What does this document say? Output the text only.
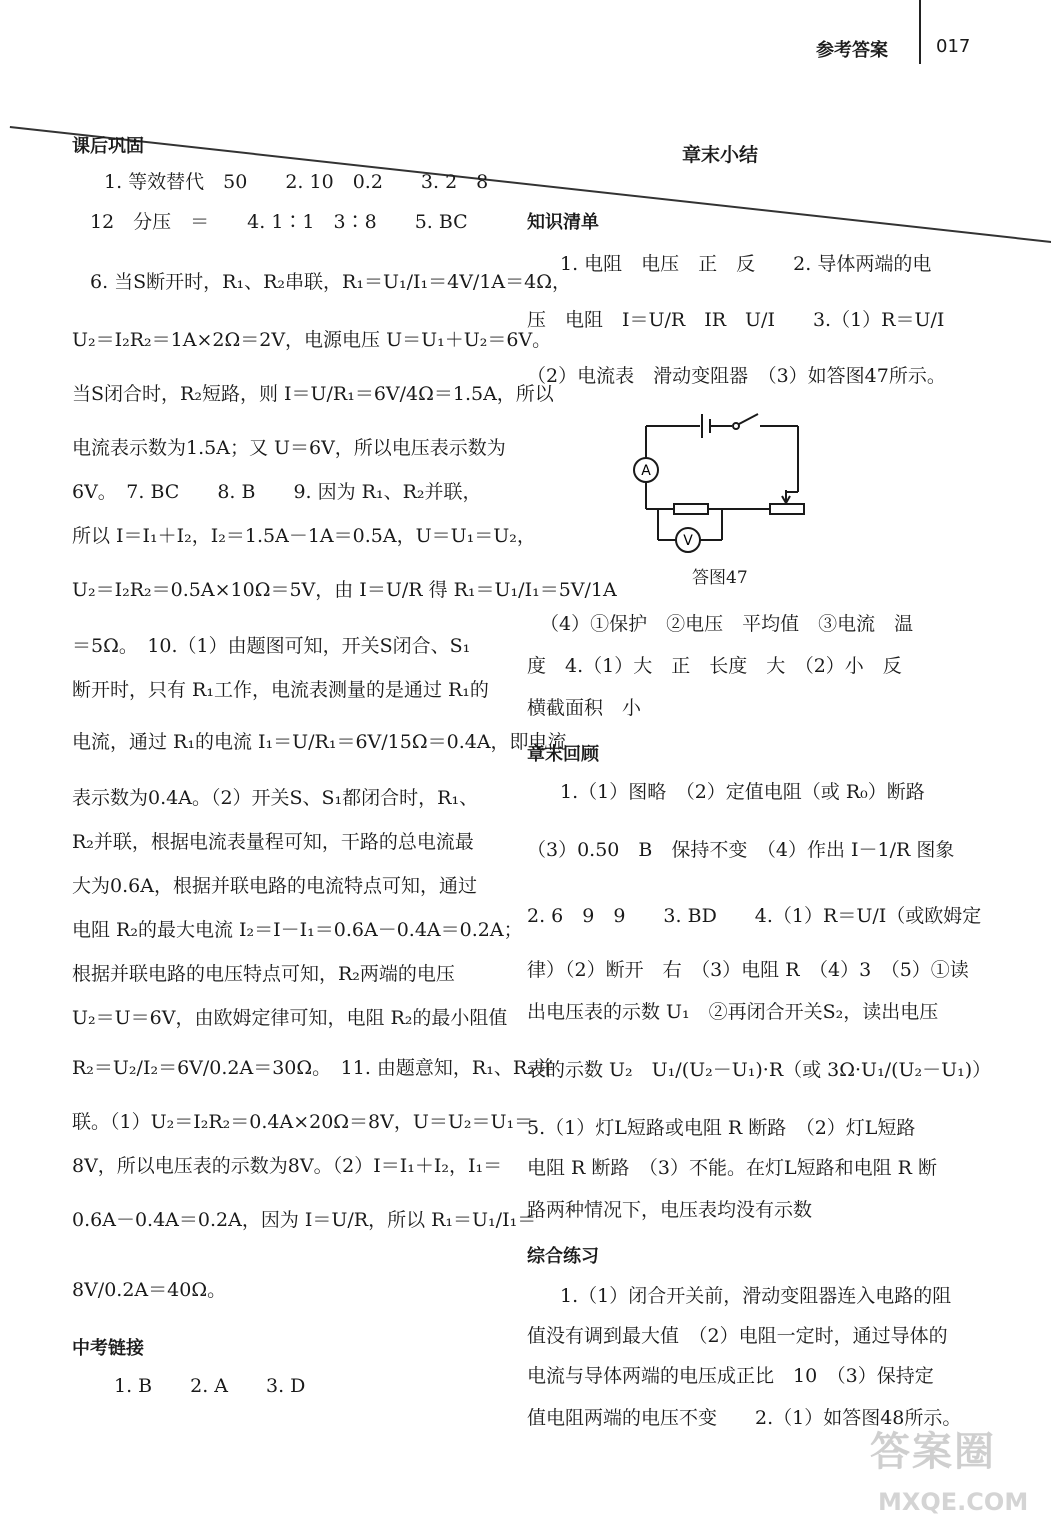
参考答案	017
课后巩固
1. 等效替代　50　　2. 10　0.2　　3. 2　8
12　分压　＝　　4. 1∶1　3∶8　　5. BC
6. 当S断开时，R₁、R₂串联，R₁＝U₁/I₁＝4V/1A＝4Ω，
U₂＝I₂R₂＝1A×2Ω＝2V，电源电压 U＝U₁＋U₂＝6V。
当S闭合时，R₂短路，则 I＝U/R₁＝6V/4Ω＝1.5A，所以
电流表示数为1.5A；又 U＝6V，所以电压表示数为
6V。　7. BC　　8. B　　9. 因为 R₁、R₂并联，
所以 I＝I₁＋I₂，I₂＝1.5A－1A＝0.5A，U＝U₁＝U₂，
U₂＝I₂R₂＝0.5A×10Ω＝5V，由 I＝U/R 得 R₁＝U₁/I₁＝5V/1A
＝5Ω。　10.（1）由题图可知，开关S闭合、S₁
断开时，只有 R₁工作，电流表测量的是通过 R₁的
电流，通过 R₁的电流 I₁＝U/R₁＝6V/15Ω＝0.4A，即电流
表示数为0.4A。（2）开关S、S₁都闭合时，R₁、
R₂并联，根据电流表量程可知，干路的总电流最
大为0.6A，根据并联电路的电流特点可知，通过
电阻 R₂的最大电流 I₂＝I－I₁＝0.6A－0.4A＝0.2A；
根据并联电路的电压特点可知，R₂两端的电压
U₂＝U＝6V，由欧姆定律可知，电阻 R₂的最小阻值
R₂＝U₂/I₂＝6V/0.2A＝30Ω。　11. 由题意知，R₁、R₂并
联。（1）U₂＝I₂R₂＝0.4A×20Ω＝8V，U＝U₂＝U₁＝
8V，所以电压表的示数为8V。（2）I＝I₁＋I₂，I₁＝
0.6A－0.4A＝0.2A，因为 I＝U/R，所以 R₁＝U₁/I₁＝
8V/0.2A＝40Ω。
中考链接
1. B　　2. A　　3. D
章末小结
知识清单
1. 电阻　电压　正　反　　2. 导体两端的电
压　电阻　I＝U/R　IR　U/I　　3.（1）R＝U/I
（2）电流表　滑动变阻器　（3）如答图47所示。
A
V
答图47
（4）①保护　②电压　平均值　③电流　温
度　4.（1）大　正　长度　大　（2）小　反
横截面积　小
章末回顾
1.（1）图略　（2）定值电阻（或 R₀）断路
（3）0.50　B　保持不变　（4）作出 I－1/R 图象
2. 6　9　9　　3. BD　　4.（1）R＝U/I（或欧姆定
律）（2）断开　右　（3）电阻 R　（4）3　（5）①读
出电压表的示数 U₁　②再闭合开关S₂，读出电压
表的示数 U₂　U₁/(U₂－U₁)·R（或 3Ω·U₁/(U₂－U₁)）
5.（1）灯L短路或电阻 R 断路　（2）灯L短路
电阻 R 断路　（3）不能。在灯L短路和电阻 R 断
路两种情况下，电压表均没有示数
综合练习
1.（1）闭合开关前，滑动变阻器连入电路的阻
值没有调到最大值　（2）电阻一定时，通过导体的
电流与导体两端的电压成正比　10　（3）保持定
值电阻两端的电压不变　　2.（1）如答图48所示。
答案圈
MXQE.COM
